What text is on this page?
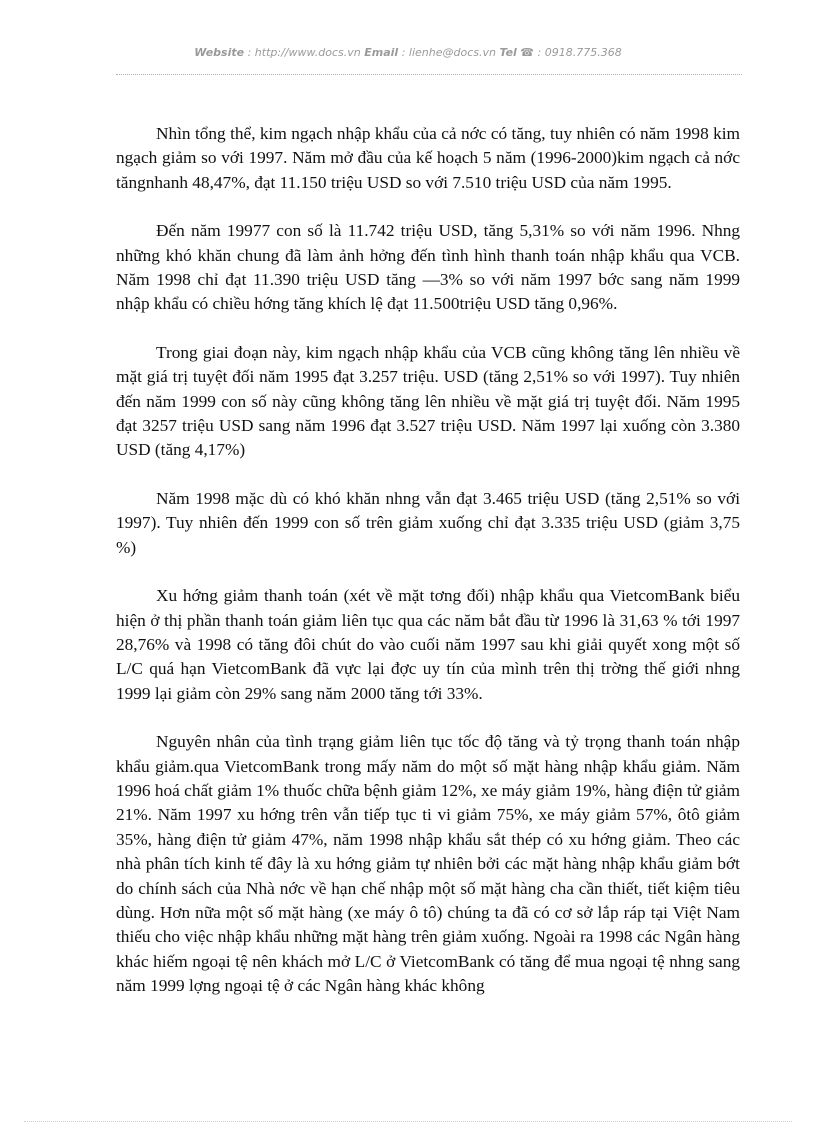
Website : http://www.docs.vn Email : lienhe@docs.vn Tel ☎ : 0918.775.368

Nhìn tổng thể, kim ngạch nhập khẩu của cả nớc có tăng, tuy nhiên có năm 1998 kim ngạch giảm so với 1997. Năm mở đầu của kế hoạch 5 năm (1996-2000)kim ngạch cả nớc tăngnhanh 48,47%, đạt 11.150 triệu USD so với 7.510 triệu USD của năm 1995.

Đến năm 19977 con số là 11.742 triệu USD, tăng 5,31% so với năm 1996. Nhng những khó khăn chung đã làm ảnh hởng đến tình hình thanh toán nhập khẩu qua VCB. Năm 1998 chỉ đạt 11.390 triệu USD tăng —3% so với năm 1997 bớc sang năm 1999 nhập khẩu có chiều hớng tăng khích lệ đạt 11.500triệu USD tăng 0,96%.

Trong giai đoạn này, kim ngạch nhập khẩu của VCB cũng không tăng lên nhiều về mặt giá trị tuyệt đối năm 1995 đạt 3.257 triệu. USD (tăng 2,51% so với 1997). Tuy nhiên đến năm 1999 con số này cũng không tăng lên nhiều về mặt giá trị tuyệt đối. Năm 1995 đạt 3257 triệu USD sang năm 1996 đạt 3.527 triệu USD. Năm 1997 lại xuống còn 3.380 USD (tăng 4,17%)

Năm 1998 mặc dù có khó khăn nhng vẫn đạt 3.465 triệu USD (tăng 2,51% so với 1997). Tuy nhiên đến 1999 con số trên giảm xuống chỉ đạt 3.335 triệu USD (giảm 3,75 %)

Xu hớng giảm thanh toán (xét về mặt tơng đối) nhập khẩu qua VietcomBank biểu hiện ở thị phần thanh toán giảm liên tục qua các năm bắt đầu từ 1996 là 31,63 % tới 1997 28,76% và 1998 có tăng đôi chút do vào cuối năm 1997 sau khi giải quyết xong một số L/C quá hạn VietcomBank đã vực lại đợc uy tín của mình trên thị trờng thế giới nhng 1999 lại giảm còn 29% sang năm 2000 tăng tới 33%.

Nguyên nhân của tình trạng giảm liên tục tốc độ tăng và tỷ trọng thanh toán nhập khẩu giảm.qua VietcomBank trong mấy năm do một số mặt hàng nhập khẩu giảm. Năm 1996 hoá chất giảm 1% thuốc chữa bệnh giảm 12%, xe máy giảm 19%, hàng điện tử giảm 21%. Năm 1997 xu hớng trên vẫn tiếp tục ti vi giảm 75%, xe máy giảm 57%, ôtô giảm 35%, hàng điện tử giảm 47%, năm 1998 nhập khẩu sắt thép có xu hớng giảm. Theo các nhà phân tích kinh tế đây là xu hớng giảm tự nhiên bởi các mặt hàng nhập khẩu giảm bớt do chính sách của Nhà nớc về hạn chế nhập một số mặt hàng cha cần thiết, tiết kiệm tiêu dùng. Hơn nữa một số mặt hàng (xe máy ô tô) chúng ta đã có cơ sở lắp ráp tại Việt Nam thiếu cho việc nhập khẩu những mặt hàng trên giảm xuống. Ngoài ra 1998 các Ngân hàng khác hiếm ngoại tệ nên khách mở L/C ở VietcomBank có tăng để mua ngoại tệ nhng sang năm 1999 lợng ngoại tệ ở các Ngân hàng khác không
